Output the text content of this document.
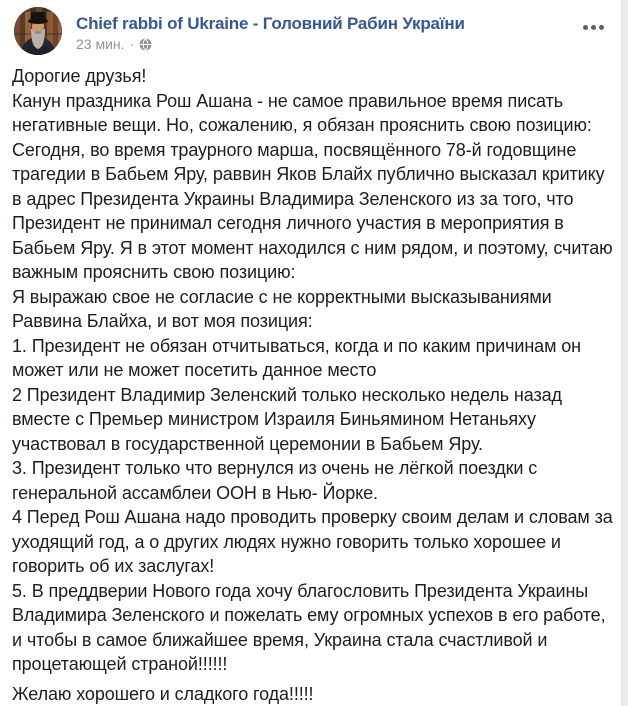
Chief rabbi of Ukraine - Головний Рабин України
23 мин. ·
Дорогие друзья!
Канун праздника Рош Ашана - не самое правильное время писать
негативные вещи. Но, сожалению, я обязан прояснить свою позицию:
Сегодня, во время траурного марша, посвящённого 78-й годовщине
трагедии в Бабьем Яру, раввин Яков Блайх публично высказал критику
в адрес Президента Украины Владимира Зеленского из за того, что
Президент не принимал сегодня личного участия в мероприятия в
Бабьем Яру. Я в этот момент находился с ним рядом, и поэтому, считаю
важным прояснить свою позицию:
Я выражаю свое не согласие с не корректными высказываниями
Раввина Блайха, и вот моя позиция:
1. Президент не обязан отчитываться, когда и по каким причинам он
может или не может посетить данное место
2 Президент Владимир Зеленский только несколько недель назад
вместе с Премьер министром Израиля Биньямином Нетаньяху
участвовал в государственной церемонии в Бабьем Яру.
3. Президент только что вернулся из очень не лёгкой поездки с
генеральной ассамблеи ООН в Нью- Йорке.
4 Перед Рош Ашана надо проводить проверку своим делам и словам за
уходящий год, а о других людях нужно говорить только хорошее и
говорить об их заслугах!
5. В преддверии Нового года хочу благословить Президента Украины
Владимира Зеленского и пожелать ему огромных успехов в его работе,
и чтобы в самое ближайшее время, Украина стала счастливой и
процетающей страной!!!!!!
Желаю хорошего и сладкого года!!!!!
